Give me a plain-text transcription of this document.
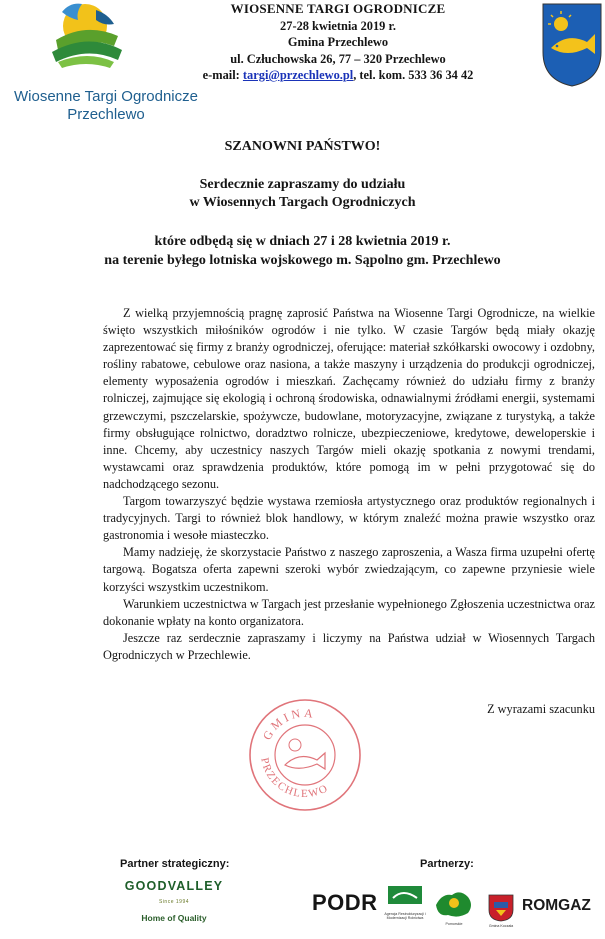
Wiosenne Targi Ogrodnicze
Przechlewo
WIOSENNE TARGI OGRODNICZE
27-28 kwietnia 2019 r.
Gmina Przechlewo
ul. Człuchowska 26, 77 – 320 Przechlewo
e-mail: targi@przechlewo.pl, tel. kom. 533 36 34 42
SZANOWNI PAŃSTWO!
Serdecznie zapraszamy do udziału
w Wiosennych Targach Ogrodniczych
które odbędą się w dniach 27 i 28 kwietnia 2019 r.
na terenie byłego lotniska wojskowego m. Sąpolno gm. Przechlewo

Z wielką przyjemnością pragnę zaprosić Państwa na Wiosenne Targi Ogrodnicze, na wielkie święto wszystkich miłośników ogrodów i nie tylko. W czasie Targów będą miały okazję zaprezentować się firmy z branży ogrodniczej, oferujące: materiał szkółkarski owocowy i ozdobny, rośliny rabatowe, cebulowe oraz nasiona, a także maszyny i urządzenia do produkcji ogrodniczej, elementy wyposażenia ogrodów i mieszkań. Zachęcamy również do udziału firmy z branży rolniczej, zajmujące się ekologią i ochroną środowiska, odnawialnymi źródłami energii, systemami grzewczymi, pszczelarskie, spożywcze, budowlane, motoryzacyjne, związane z turystyką, a także firmy obsługujące rolnictwo, doradztwo rolnicze, ubezpieczeniowe, kredytowe, deweloperskie i inne. Chcemy, aby uczestnicy naszych Targów mieli okazję spotkania z nowymi trendami, wystawcami oraz sprawdzenia produktów, które pomogą im w pełni przygotować się do nadchodzącego sezonu.

Targom towarzyszyć będzie wystawa rzemiosła artystycznego oraz produktów regionalnych i tradycyjnych. Targi to również blok handlowy, w którym znaleźć można prawie wszystko oraz gastronomia i wesołe miasteczko.

Mamy nadzieję, że skorzystacie Państwo z naszego zaproszenia, a Wasza firma uzupełni ofertę targową. Bogatsza oferta zapewni szeroki wybór zwiedzającym, co zapewne przyniesie wiele korzyści wszystkim uczestnikom.

Warunkiem uczestnictwa w Targach jest przesłanie wypełnionego Zgłoszenia uczestnictwa oraz dokonanie wpłaty na konto organizatora.

Jeszcze raz serdecznie zapraszamy i liczymy na Państwa udział w Wiosennych Targach Ogrodniczych w Przechlewie.

Z wyrazami szacunku
GMINA
PRZECHLEWO
Partner strategiczny:
GOODVALLEY
Since 1994
Home of Quality
Partnerzy:
PODR	Agencja Restrukturyzacji i Modernizacji Rolnictwa
Pomorskie	Gmina Koczała
ROMGAZ
